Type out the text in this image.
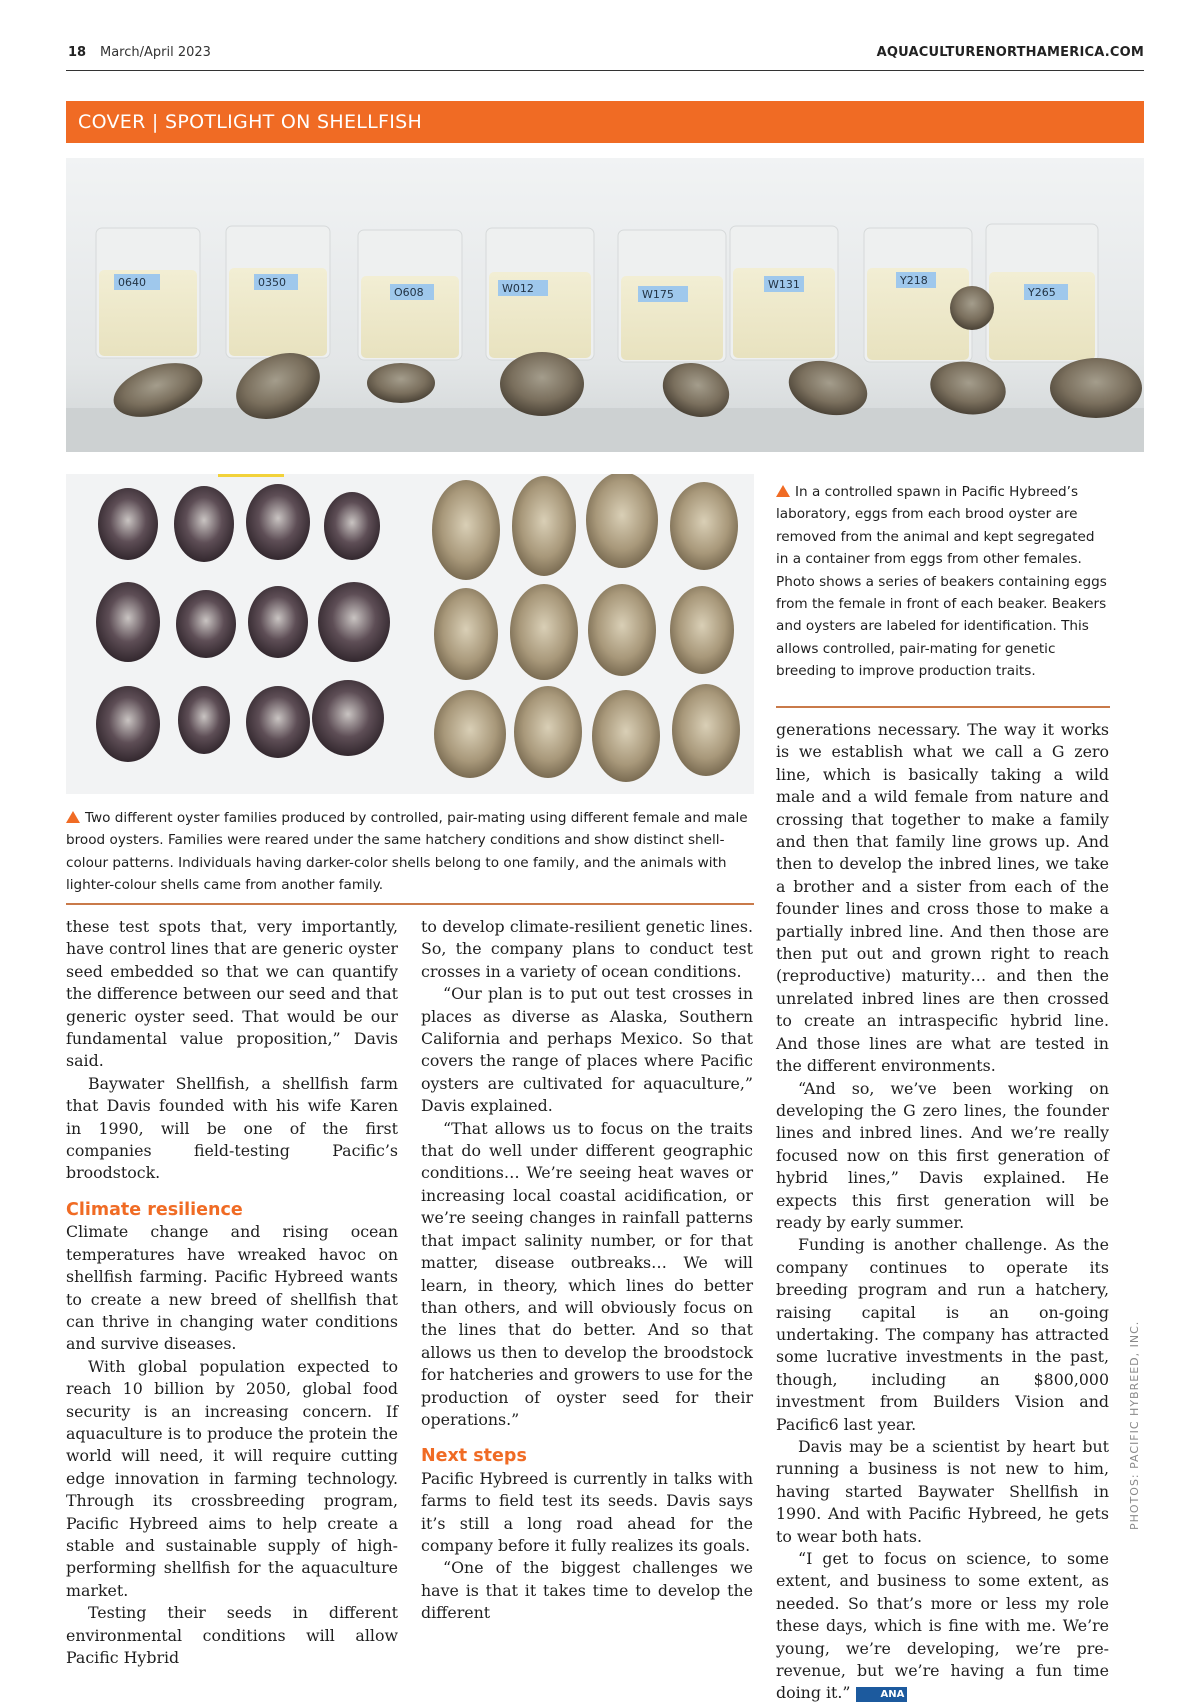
18 March/April 2023	AQUACULTURENORTHAMERICA.COM
COVER | SPOTLIGHT ON SHELLFISH
0640	0350
O608	W012	W175
W131	Y218
Y265
In a controlled spawn in Pacific Hybreed’s laboratory, eggs from each brood oyster are removed from the animal and kept segregated in a container from eggs from other females. Photo shows a series of beakers containing eggs from the female in front of each beaker. Beakers and oysters are labeled for identification. This allows controlled, pair-mating for genetic breeding to improve production traits.
Two different oyster families produced by controlled, pair-mating using different female and male brood oysters. Families were reared under the same hatchery conditions and show distinct shell-colour patterns. Individuals having darker-color shells belong to one family, and the animals with lighter-colour shells came from another family.

these test spots that, very importantly, have control lines that are generic oyster seed embedded so that we can quantify the difference between our seed and that generic oyster seed. That would be our fundamental value proposition,” Davis said.

Baywater Shellfish, a shellfish farm that Davis founded with his wife Karen in 1990, will be one of the first companies field-testing Pacific’s broodstock.

Climate resilience

Climate change and rising ocean temperatures have wreaked havoc on shellfish farming. Pacific Hybreed wants to create a new breed of shellfish that can thrive in changing water conditions and survive diseases.

With global population expected to reach 10 billion by 2050, global food security is an increasing concern. If aquaculture is to produce the protein the world will need, it will require cutting edge innovation in farming technology. Through its crossbreeding program, Pacific Hybreed aims to help create a stable and sustainable supply of high-performing shellfish for the aquaculture market.

Testing their seeds in different environmental conditions will allow Pacific Hybrid

to develop climate-resilient genetic lines. So, the company plans to conduct test crosses in a variety of ocean conditions.

“Our plan is to put out test crosses in places as diverse as Alaska, Southern California and perhaps Mexico. So that covers the range of places where Pacific oysters are cultivated for aquaculture,” Davis explained.

“That allows us to focus on the traits that do well under different geographic conditions… We’re seeing heat waves or increasing local coastal acidification, or we’re seeing changes in rainfall patterns that impact salinity number, or for that matter, disease outbreaks… We will learn, in theory, which lines do better than others, and will obviously focus on the lines that do better. And so that allows us then to develop the broodstock for hatcheries and growers to use for the production of oyster seed for their operations.”

Next steps

Pacific Hybreed is currently in talks with farms to field test its seeds. Davis says it’s still a long road ahead for the company before it fully realizes its goals.

“One of the biggest challenges we have is that it takes time to develop the different

generations necessary. The way it works is we establish what we call a G zero line, which is basically taking a wild male and a wild female from nature and crossing that together to make a family and then that family line grows up. And then to develop the inbred lines, we take a brother and a sister from each of the founder lines and cross those to make a partially inbred line. And then those are then put out and grown right to reach (reproductive) maturity… and then the unrelated inbred lines are then crossed to create an intraspecific hybrid line. And those lines are what are tested in the different environments.

“And so, we’ve been working on developing the G zero lines, the founder lines and inbred lines. And we’re really focused now on this first generation of hybrid lines,” Davis explained. He expects this first generation will be ready by early summer.

Funding is another challenge. As the company continues to operate its breeding program and run a hatchery, raising capital is an on-going undertaking. The company has attracted some lucrative investments in the past, though, including an $800,000 investment from Builders Vision and Pacific6 last year.

Davis may be a scientist by heart but running a business is not new to him, having started Baywater Shellfish in 1990. And with Pacific Hybreed, he gets to wear both hats.

“I get to focus on science, to some extent, and business to some extent, as needed. So that’s more or less my role these days, which is fine with me. We’re young, we’re developing, we’re pre-revenue, but we’re having a fun time doing it.”	ANA

PHOTOS: PACIFIC HYBREED, INC.
